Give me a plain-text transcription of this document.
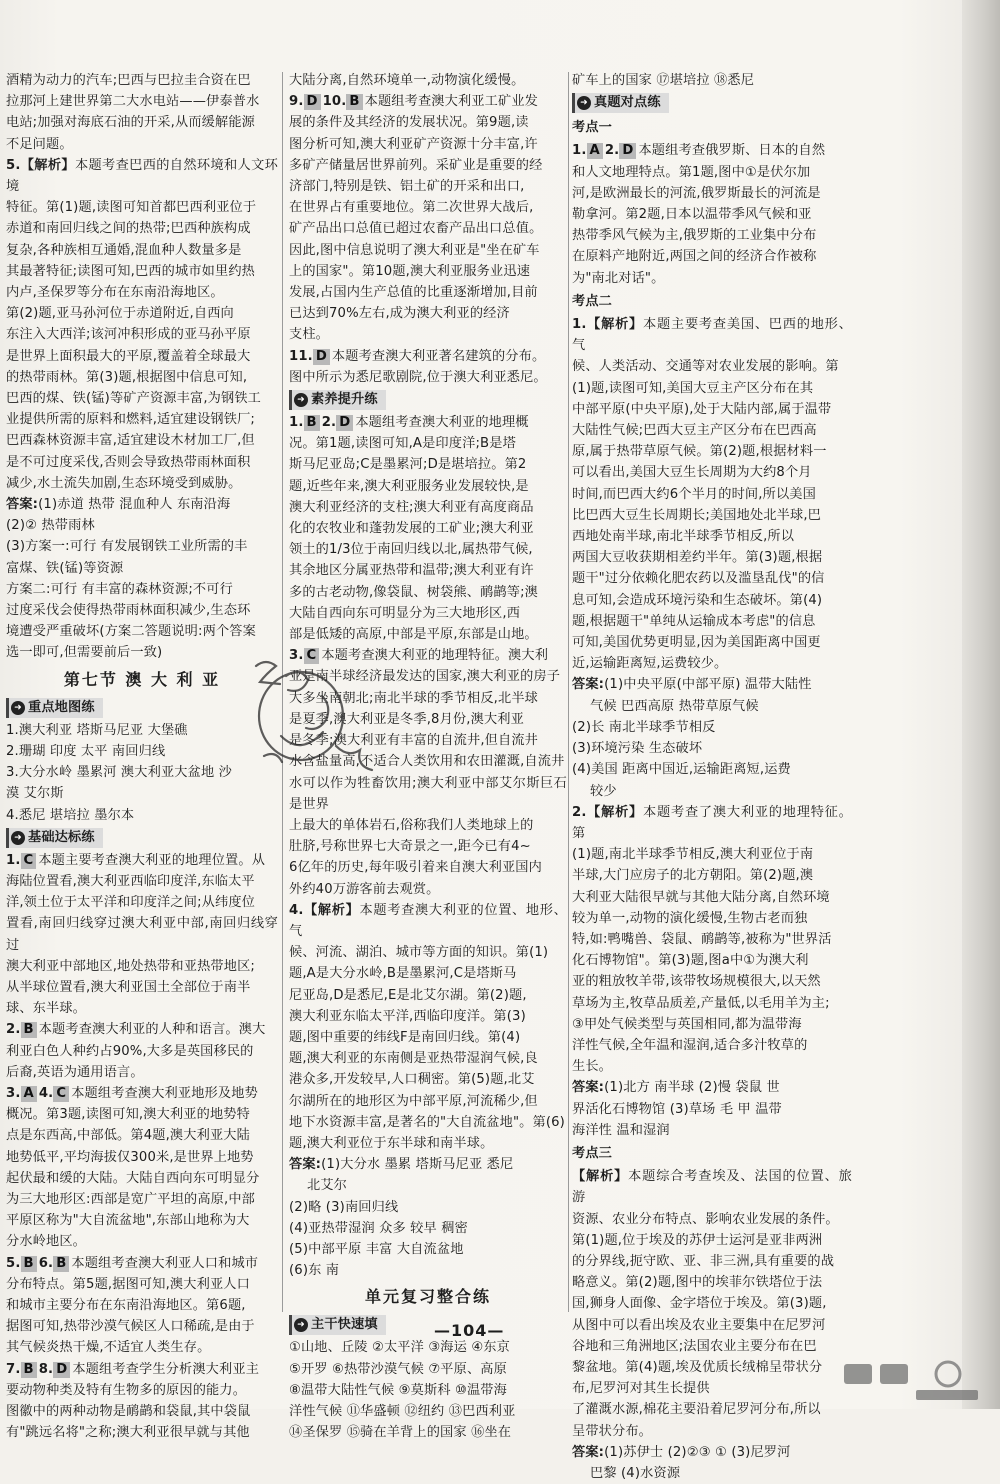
酒精为动力的汽车;巴西与巴拉圭合资在巴

拉那河上建世界第二大水电站——伊泰普水

电站;加强对海底石油的开采,从而缓解能源

不足问题。

5.【解析】本题考查巴西的自然环境和人文环境

特征。第(1)题,读图可知首都巴西利亚位于

赤道和南回归线之间的热带;巴西种族构成

复杂,各种族相互通婚,混血种人数量多是

其最著特征;读图可知,巴西的城市如里约热

内卢,圣保罗等分布在东南沿海地区。

第(2)题,亚马孙河位于赤道附近,自西向

东注入大西洋;该河冲积形成的亚马孙平原

是世界上面积最大的平原,覆盖着全球最大

的热带雨林。第(3)题,根据图中信息可知,

巴西的煤、铁(锰)等矿产资源丰富,为钢铁工

业提供所需的原料和燃料,适宜建设钢铁厂;

巴西森林资源丰富,适宜建设木材加工厂,但

是不可过度采伐,否则会导致热带雨林面积

减少,水土流失加剧,生态环境受到威胁。

答案:(1)赤道 热带 混血种人 东南沿海

(2)② 热带雨林

(3)方案一:可行 有发展钢铁工业所需的丰

富煤、铁(锰)等资源

方案二:可行 有丰富的森林资源;不可行

过度采伐会使得热带雨林面积减少,生态环

境遭受严重破坏(方案二答题说明:两个答案

选一即可,但需要前后一致)

第七节 澳 大 利 亚
➜ 重点地图练

1.澳大利亚 塔斯马尼亚 大堡礁

2.珊瑚 印度 太平 南回归线

3.大分水岭 墨累河 澳大利亚大盆地 沙

漠 艾尔斯

4.悉尼 堪培拉 墨尔本

➜ 基础达标练

1. C 本题主要考查澳大利亚的地理位置。从

海陆位置看,澳大利亚西临印度洋,东临太平

洋,领土位于太平洋和印度洋之间;从纬度位

置看,南回归线穿过澳大利亚中部,南回归线穿过

澳大利亚中部地区,地处热带和亚热带地区;

从半球位置看,澳大利亚国土全部位于南半

球、东半球。

2. B 本题考查澳大利亚的人种和语言。澳大

利亚白色人种约占90%,大多是英国移民的

后裔,英语为通用语言。

3. A 4. C 本题组考查澳大利亚地形及地势

概况。第3题,读图可知,澳大利亚的地势特

点是东西高,中部低。第4题,澳大利亚大陆

地势低平,平均海拔仅300米,是世界上地势

起伏最和缓的大陆。大陆自西向东可明显分

为三大地形区:西部是宽广平坦的高原,中部

平原区称为"大自流盆地",东部山地称为大

分水岭地区。

5. B 6. B 本题组考查澳大利亚人口和城市

分布特点。第5题,据图可知,澳大利亚人口

和城市主要分布在东南沿海地区。第6题,

据图可知,热带沙漠气候区人口稀疏,是由于

其气候炎热干燥,不适宜人类生存。

7. B 8. D 本题组考查学生分析澳大利亚主

要动物种类及特有生物多的原因的能力。

图徽中的两种动物是鸸鹋和袋鼠,其中袋鼠

有"跳远名将"之称;澳大利亚很早就与其他

大陆分离,自然环境单一,动物演化缓慢。

9. D 10. B 本题组考查澳大利亚工矿业发

展的条件及其经济的发展状况。第9题,读

图分析可知,澳大利亚矿产资源十分丰富,许

多矿产储量居世界前列。采矿业是重要的经

济部门,特别是铁、铝土矿的开采和出口,

在世界占有重要地位。第二次世界大战后,

矿产品出口总值已超过农畜产品出口总值。

因此,图中信息说明了澳大利亚是"坐在矿车

上的国家"。第10题,澳大利亚服务业迅速

发展,占国内生产总值的比重逐渐增加,目前

已达到70%左右,成为澳大利亚的经济

支柱。

11. D 本题考查澳大利亚著名建筑的分布。

图中所示为悉尼歌剧院,位于澳大利亚悉尼。

➜ 素养提升练

1. B 2. D 本题组考查澳大利亚的地理概

况。第1题,读图可知,A是印度洋;B是塔

斯马尼亚岛;C是墨累河;D是堪培拉。第2

题,近些年来,澳大利亚服务业发展较快,是

澳大利亚经济的支柱;澳大利亚有高度商品

化的农牧业和蓬勃发展的工矿业;澳大利亚

领土的1/3位于南回归线以北,属热带气候,

其余地区分属亚热带和温带;澳大利亚有许

多的古老动物,像袋鼠、树袋熊、鸸鹋等;澳

大陆自西向东可明显分为三大地形区,西

部是低矮的高原,中部是平原,东部是山地。

3. C 本题考查澳大利亚的地理特征。澳大利

亚是南半球经济最发达的国家,澳大利亚的房子

大多坐南朝北;南北半球的季节相反,北半球

是夏季,澳大利亚是冬季,8月份,澳大利亚

是冬季;澳大利亚有丰富的自流井,但自流井

水含盐量高,不适合人类饮用和农田灌溉,自流井

水可以作为牲畜饮用;澳大利亚中部艾尔斯巨石是世界

上最大的单体岩石,俗称我们人类地球上的

肚脐,号称世界七大奇景之一,距今已有4~

6亿年的历史,每年吸引着来自澳大利亚国内

外约40万游客前去观赏。

4.【解析】本题考查澳大利亚的位置、地形、气

候、河流、湖泊、城市等方面的知识。第(1)

题,A是大分水岭,B是墨累河,C是塔斯马

尼亚岛,D是悉尼,E是北艾尔湖。第(2)题,

澳大利亚东临太平洋,西临印度洋。第(3)

题,图中重要的纬线F是南回归线。第(4)

题,澳大利亚的东南侧是亚热带湿润气候,良

港众多,开发较早,人口稠密。第(5)题,北艾

尔湖所在的地形区为中部平原,河流稀少,但

地下水资源丰富,是著名的"大自流盆地"。第(6)

题,澳大利亚位于东半球和南半球。

答案:(1)大分水 墨累 塔斯马尼亚 悉尼

北艾尔

(2)略 (3)南回归线

(4)亚热带湿润 众多 较早 稠密

(5)中部平原 丰富 大自流盆地

(6)东 南

单元复习整合练
➜ 主干快速填

①山地、丘陵 ②太平洋 ③海运 ④东京

⑤开罗 ⑥热带沙漠气候 ⑦平原、高原

⑧温带大陆性气候 ⑨莫斯科 ⑩温带海

洋性气候 ⑪华盛顿 ⑫纽约 ⑬巴西利亚

⑭圣保罗 ⑮骑在羊背上的国家 ⑯坐在

矿车上的国家 ⑰堪培拉 ⑱悉尼

➜ 真题对点练
考点一

1. A 2. D 本题组考查俄罗斯、日本的自然

和人文地理特点。第1题,图中①是伏尔加

河,是欧洲最长的河流,俄罗斯最长的河流是

勒拿河。第2题,日本以温带季风气候和亚

热带季风气候为主,俄罗斯的工业集中分布

在原料产地附近,两国之间的经济合作被称

为"南北对话"。

考点二

1.【解析】本题主要考查美国、巴西的地形、气

候、人类活动、交通等对农业发展的影响。第

(1)题,读图可知,美国大豆主产区分布在其

中部平原(中央平原),处于大陆内部,属于温带

大陆性气候;巴西大豆主产区分布在巴西高

原,属于热带草原气候。第(2)题,根据材料一

可以看出,美国大豆生长周期为大约8个月

时间,而巴西大约6个半月的时间,所以美国

比巴西大豆生长周期长;美国地处北半球,巴

西地处南半球,南北半球季节相反,所以

两国大豆收获期相差约半年。第(3)题,根据

题干"过分依赖化肥农药以及滥垦乱伐"的信

息可知,会造成环境污染和生态破坏。第(4)

题,根据题干"单纯从运输成本考虑"的信息

可知,美国优势更明显,因为美国距离中国更

近,运输距离短,运费较少。

答案:(1)中央平原(中部平原) 温带大陆性

气候 巴西高原 热带草原气候

(2)长 南北半球季节相反

(3)环境污染 生态破坏

(4)美国 距离中国近,运输距离短,运费

较少

2.【解析】本题考查了澳大利亚的地理特征。第

(1)题,南北半球季节相反,澳大利亚位于南

半球,大门应房子的北方朝阳。第(2)题,澳

大利亚大陆很早就与其他大陆分离,自然环境

较为单一,动物的演化缓慢,生物古老而独

特,如:鸭嘴兽、袋鼠、鸸鹋等,被称为"世界活

化石博物馆"。第(3)题,图a中①为澳大利

亚的粗放牧羊带,该带牧场规模很大,以天然

草场为主,牧草品质差,产量低,以毛用羊为主;

③甲处气候类型与英国相同,都为温带海

洋性气候,全年温和湿润,适合多汁牧草的

生长。

答案:(1)北方 南半球 (2)慢 袋鼠 世

界活化石博物馆 (3)草场 毛 甲 温带

海洋性 温和湿润

考点三

【解析】本题综合考查埃及、法国的位置、旅游

资源、农业分布特点、影响农业发展的条件。

第(1)题,位于埃及的苏伊士运河是亚非两洲

的分界线,扼守欧、亚、非三洲,具有重要的战

略意义。第(2)题,图中的埃菲尔铁塔位于法

国,狮身人面像、金字塔位于埃及。第(3)题,

从图中可以看出埃及农业主要集中在尼罗河

谷地和三角洲地区;法国农业主要分布在巴

黎盆地。第(4)题,埃及优质长绒棉呈带状分

布,尼罗河对其生长提供

了灌溉水源,棉花主要沿着尼罗河分布,所以

呈带状分布。

答案:(1)苏伊士 (2)②③ ① (3)尼罗河

巴黎 (4)水资源

—104—
